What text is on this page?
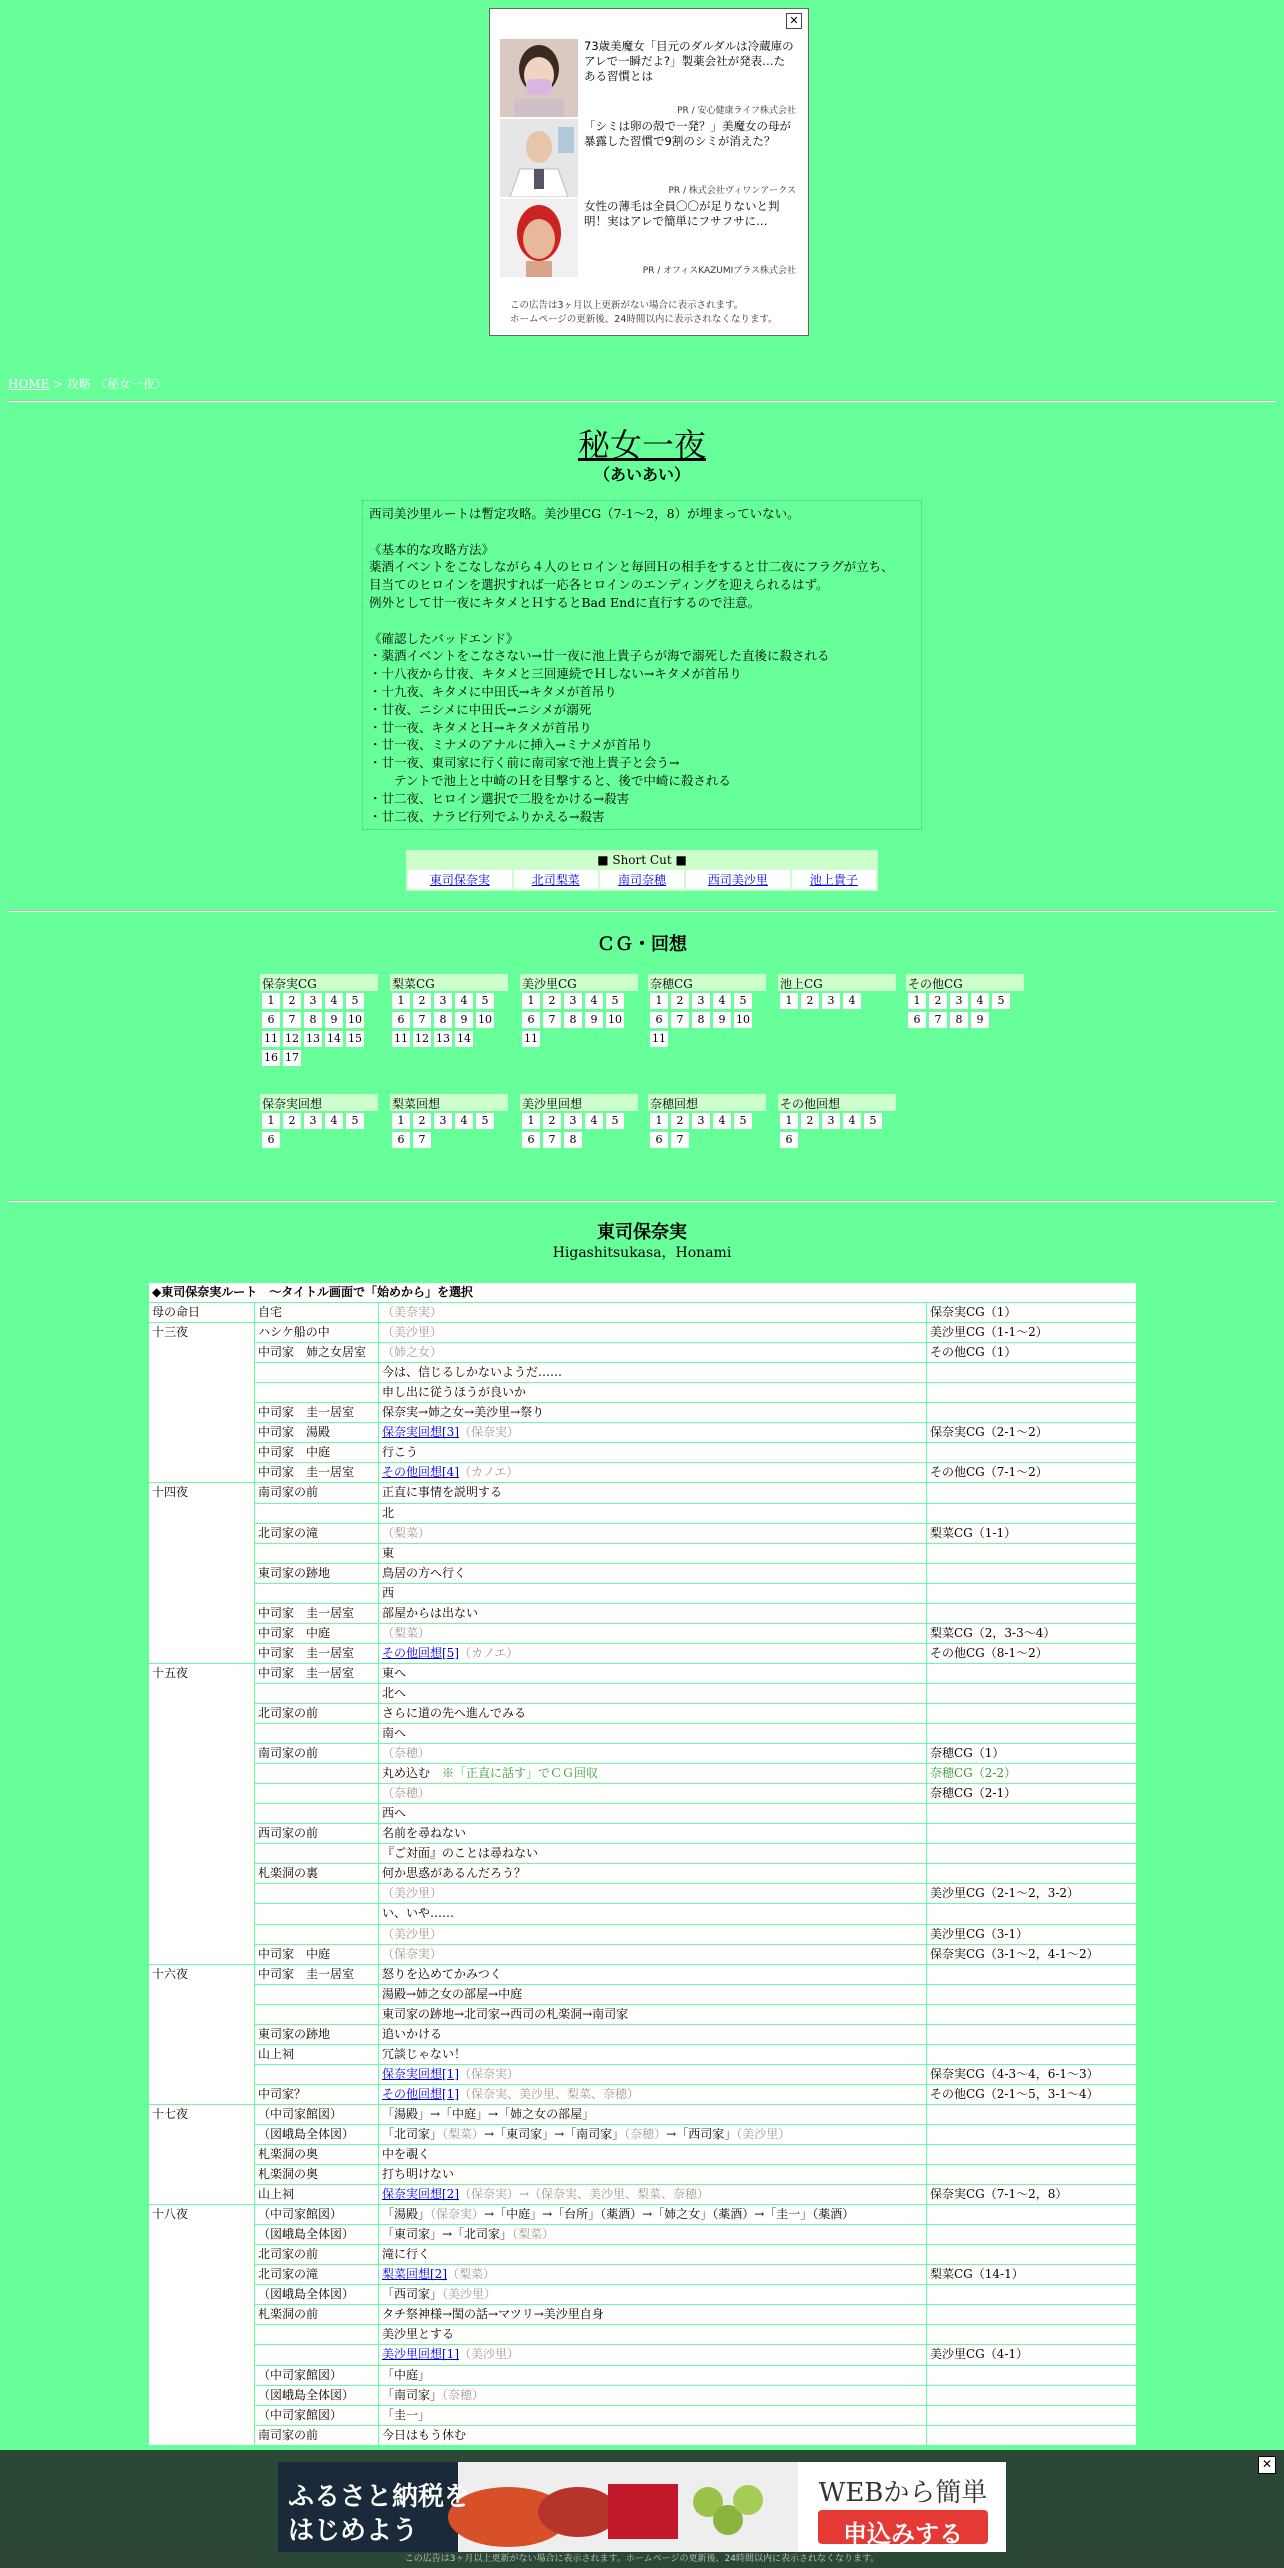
✕
73歳美魔女「目元のダルダルは冷蔵庫のアレで一瞬だよ?」製薬会社が発表…たある習慣とは
PR / 安心健康ライフ株式会社
「シミは卵の殻で一発？」美魔女の母が暴露した習慣で9割のシミが消えた？
PR / 株式会社ヴィワンアークス
女性の薄毛は全員〇〇が足りないと判明！実はアレで簡単にフサフサに…
PR / オフィスKAZUMIプラス株式会社
この広告は3ヶ月以上更新がない場合に表示されます。
ホームページの更新後、24時間以内に表示されなくなります。
HOME > 攻略 〈秘女一夜〉
秘女一夜
（あいあい）
西司美沙里ルートは暫定攻略。美沙里CG（7-1～2，8）が埋まっていない。
《基本的な攻略方法》
薬酒イベントをこなしながら４人のヒロインと毎回Ｈの相手をすると廿二夜にフラグが立ち、
目当てのヒロインを選択すれば一応各ヒロインのエンディングを迎えられるはず。
例外として廿一夜にキタメとＨするとBad Endに直行するので注意。
《確認したバッドエンド》
・薬酒イベントをこなさない→廿一夜に池上貴子らが海で溺死した直後に殺される
・十八夜から廿夜、キタメと三回連続でＨしない→キタメが首吊り
・十九夜、キタメに中田氏→キタメが首吊り
・廿夜、ニシメに中田氏→ニシメが溺死
・廿一夜、キタメとＨ→キタメが首吊り
・廿一夜、ミナメのアナルに挿入→ミナメが首吊り
・廿一夜、東司家に行く前に南司家で池上貴子と会う→
　　テントで池上と中崎のＨを目撃すると、後で中崎に殺される
・廿二夜、ヒロイン選択で二股をかける→殺害
・廿二夜、ナラビ行列でふりかえる→殺害
■ Short Cut ■
東司保奈実	北司梨菜	南司奈穂	西司美沙里	池上貴子
ＣＧ・回想
保奈実CG
1	2	3	4	5
6	7	8	9 10
11 12 13 14 15
16 17
梨菜CG
1	2	3	4	5
6	7	8	9 10
11 12 13 14
美沙里CG
1	2	3	4	5
6	7	8	9 10
11
奈穂CG
1	2	3	4	5
6	7	8	9 10
11
池上CG
1	2	3	4
その他CG
1	2	3	4	5
6	7	8	9
保奈実回想
1	2	3	4	5
6
梨菜回想
1	2	3	4	5
6	7
美沙里回想
1	2	3	4	5
6	7	8
奈穂回想
1	2	3	4	5
6	7
その他回想
1	2	3	4	5
6
東司保奈実
Higashitsukasa，Honami
◆東司保奈実ルート　～タイトル画面で「始めから」を選択			
母の命日	自宅	（美奈実）	保奈実CG（1）
十三夜	ハシケ船の中	（美沙里）	美沙里CG（1-1～2）
	中司家　姉之女居室	（姉之女）	その他CG（1）
		今は、信じるしかないようだ……	
		申し出に従うほうが良いか	
	中司家　圭一居室	保奈実→姉之女→美沙里→祭り	
	中司家　湯殿	保奈実回想[3]（保奈実）	保奈実CG（2-1～2）
	中司家　中庭	行こう	
	中司家　圭一居室	その他回想[4]（カノエ）	その他CG（7-1～2）
十四夜	南司家の前	正直に事情を説明する	
		北	
	北司家の滝	（梨菜）	梨菜CG（1-1）
		東	
	東司家の跡地	鳥居の方へ行く	
		西	
	中司家　圭一居室	部屋からは出ない	
	中司家　中庭	（梨菜）	梨菜CG（2，3-3～4）
	中司家　圭一居室	その他回想[5]（カノエ）	その他CG（8-1～2）
十五夜	中司家　圭一居室	東へ	
		北へ	
	北司家の前	さらに道の先へ進んでみる	
		南へ	
	南司家の前	（奈穂）	奈穂CG（1）
		丸め込む　※「正直に話す」でＣＧ回収	奈穂CG（2-2）
		（奈穂）	奈穂CG（2-1）
		西へ	
	西司家の前	名前を尋ねない	
		『ご対面』のことは尋ねない	
	札楽洞の裏	何か思惑があるんだろう？	
		（美沙里）	美沙里CG（2-1～2，3-2）
		い、いや……	
		（美沙里）	美沙里CG（3-1）
	中司家　中庭	（保奈実）	保奈実CG（3-1～2，4-1～2）
十六夜	中司家　圭一居室	怒りを込めてかみつく	
		湯殿→姉之女の部屋→中庭	
		東司家の跡地→北司家→西司の札楽洞→南司家	
	東司家の跡地	追いかける	
	山上祠	冗談じゃない！	
		保奈実回想[1]（保奈実）	保奈実CG（4-3～4，6-1～3）
	中司家？	その他回想[1]（保奈実、美沙里、梨菜、奈穂）	その他CG（2-1～5，3-1～4）
十七夜	（中司家館図）	「湯殿」→「中庭」→「姉之女の部屋」	
	（図峨島全体図）	「北司家」（梨菜）→「東司家」→「南司家」（奈穂）→「西司家」（美沙里）	
	札楽洞の奥	中を覗く	
	札楽洞の奥	打ち明けない	
	山上祠	保奈実回想[2]（保奈実）→（保奈実、美沙里、梨菜、奈穂）	保奈実CG（7-1～2，8）
十八夜	（中司家館図）	「湯殿」（保奈実）→「中庭」→「台所」（薬酒）→「姉之女」（薬酒）→「圭一」（薬酒）	
	（図峨島全体図）	「東司家」→「北司家」（梨菜）	
	北司家の前	滝に行く	
	北司家の滝	梨菜回想[2]（梨菜）	梨菜CG（14-1）
	（図峨島全体図）	「西司家」（美沙里）	
	札楽洞の前	タチ祭神様→閨の話→マツリ→美沙里自身	
		美沙里とする	
		美沙里回想[1]（美沙里）	美沙里CG（4-1）
	（中司家館図）	「中庭」	
	（図峨島全体図）	「南司家」（奈穂）	
	（中司家館図）	「圭一」	
	南司家の前	今日はもう休む	
ふるさと納税を
はじめよう
WEBから簡単
申込みする
✕
この広告は3ヶ月以上更新がない場合に表示されます。ホームページの更新後、24時間以内に表示されなくなります。
